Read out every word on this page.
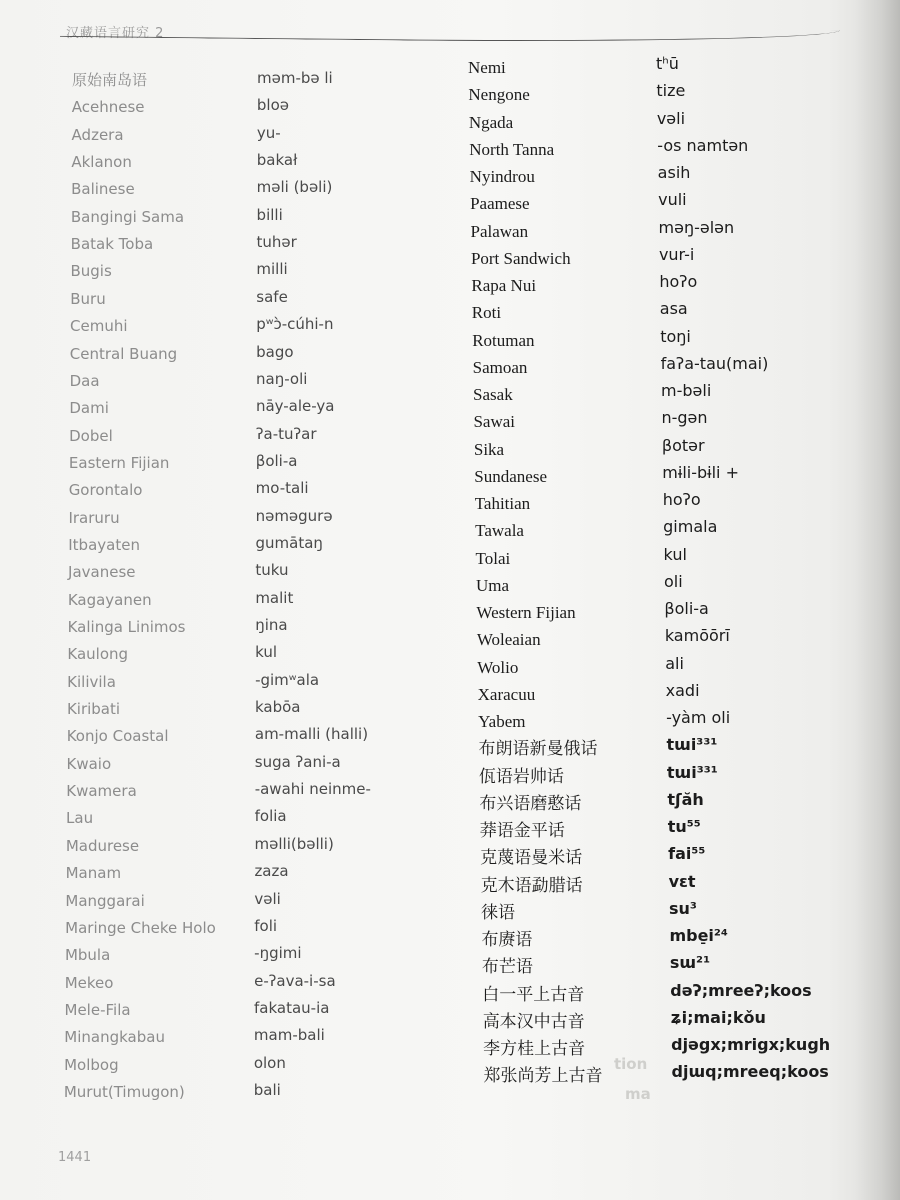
汉藏语言研究 2
原始南岛语	məm-bə li
Acehnese	bloə
Adzera	yu-
Aklanon	bakał
Balinese	məli (bəli)
Bangingi Sama	billi
Batak Toba	tuhər
Bugis	milli
Buru	safe
Cemuhi	pʷɔ̀-cúhi-n
Central Buang	bago
Daa	naŋ-oli
Dami	nāy-ale-ya
Dobel	ʔa-tuʔar
Eastern Fijian	βoli-a
Gorontalo	mo-tali
Iraruru	nəməgurə
Itbayaten	gumātaŋ
Javanese	tuku
Kagayanen	malit
Kalinga Linimos	ŋina
Kaulong	kul
Kilivila	-gimʷala
Kiribati	kabōa
Konjo Coastal	am-malli (halli)
Kwaio	suga ʔani-a
Kwamera	-awahi neinme-
Lau	folia
Madurese	məlli(bəlli)
Manam	zaza
Manggarai	vəli
Maringe Cheke Holo	foli
Mbula	-ŋgimi
Mekeo	e-ʔava-i-sa
Mele-Fila	fakatau-ia
Minangkabau	mam-bali
Molbog	olon
Murut(Timugon)	bali
Nemi	tʰū
Nengone	tize
Ngada	vəli
North Tanna	-os namtən
Nyindrou	asih
Paamese	vuli
Palawan	məŋ-ələn
Port Sandwich	vur-i
Rapa Nui	hoʔo
Roti	asa
Rotuman	toŋi
Samoan	faʔa-tau(mai)
Sasak	m-bəli
Sawai	n-gən
Sika	βotər
Sundanese	mɨli-bɨli +
Tahitian	hoʔo
Tawala	gimala
Tolai	kul
Uma	oli
Western Fijian	βoli-a
Woleaian	kamōōrī
Wolio	ali
Xaracuu	xadi
Yabem	-yàm oli
布朗语新曼俄话	tɯi³³¹
佤语岩帅话	tɯi³³¹
布兴语磨憨话	tʃăh
莽语金平话	tu⁵⁵
克蔑语曼米话	fai⁵⁵
克木语勐腊话	vɛt
徕语	su³
布赓语	mbe̠i²⁴
布芒语	sɯ²¹
白一平上古音	dəʔ;mreeʔ;koos
高本汉中古音	ʑi;mai;kǒu
李方桂上古音	djəgx;mrigx;kugh
郑张尚芳上古音	djɯq;mreeq;koos
tion
ma
1441
